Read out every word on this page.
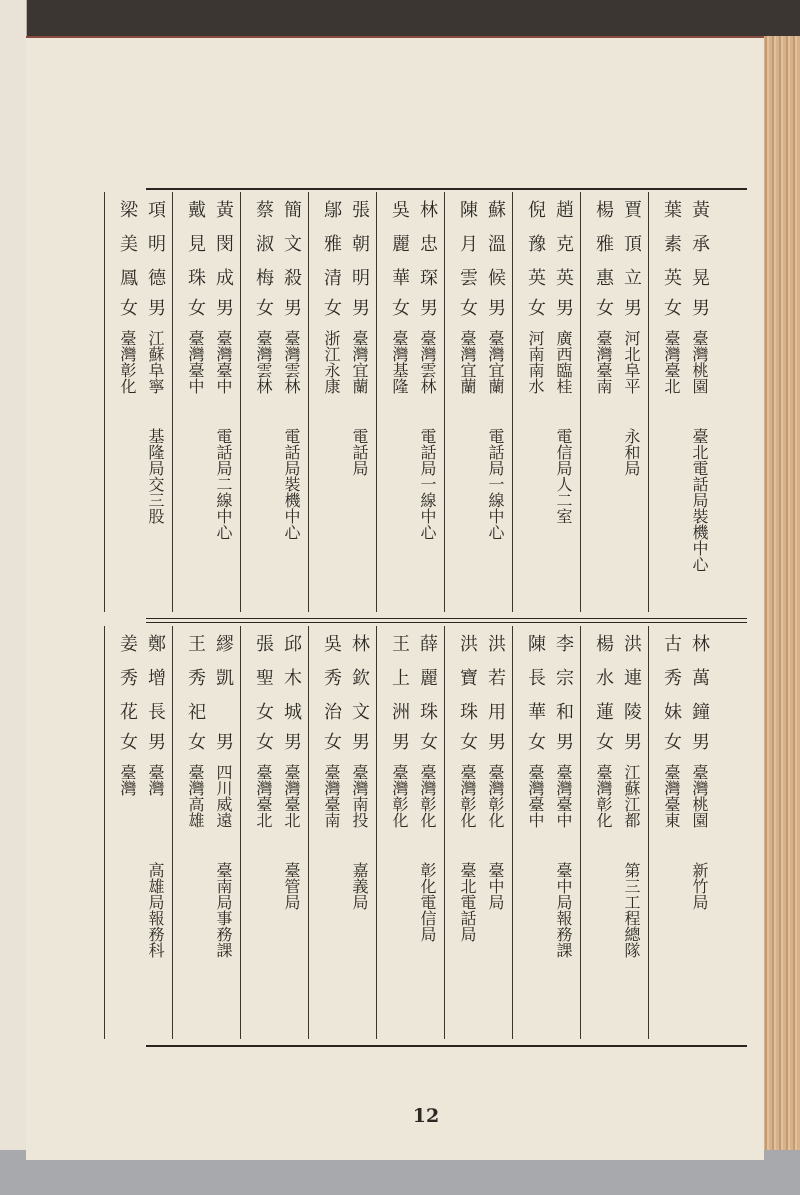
12
黃承晃
男
臺灣桃園
臺北電話局裝機中心
葉素英
女
臺灣臺北
賈頂立
男
河北阜平
永和局
楊雅惠
女
臺灣臺南
趙克英
男
廣西臨桂
電信局人二室
倪豫英
女
河南南水
蘇溫候
男
臺灣宜蘭
電話局一線中心
陳月雲
女
臺灣宜蘭
林忠琛
男
臺灣雲林
電話局一線中心
吳麗華
女
臺灣基隆
張朝明
男
臺灣宜蘭
電話局
鄔雅清
女
浙江永康
簡文殺
男
臺灣雲林
電話局裝機中心
蔡淑梅
女
臺灣雲林
黃閔成
男
臺灣臺中
電話局二線中心
戴見珠
女
臺灣臺中
項明德
男
江蘇阜寧
基隆局交三股
梁美鳳
女
臺灣彰化
林萬鐘
男
臺灣桃園
新竹局
古秀妹
女
臺灣臺東
洪連陵
男
江蘇江都
第三工程總隊
楊水蓮
女
臺灣彰化
李宗和
男
臺灣臺中
臺中局報務課
陳長華
女
臺灣臺中
洪若用
男
臺灣彰化
臺中局
洪寶珠
女
臺灣彰化
臺北電話局
薛麗珠
女
臺灣彰化
彰化電信局
王上洲
男
臺灣彰化
林欽文
男
臺灣南投
嘉義局
吳秀治
女
臺灣臺南
邱木城
男
臺灣臺北
臺管局
張聖女
女
臺灣臺北
繆凱
男
四川威遠
臺南局事務課
王秀祀
女
臺灣高雄
鄭增長
男
臺灣
高雄局報務科
姜秀花
女
臺灣
